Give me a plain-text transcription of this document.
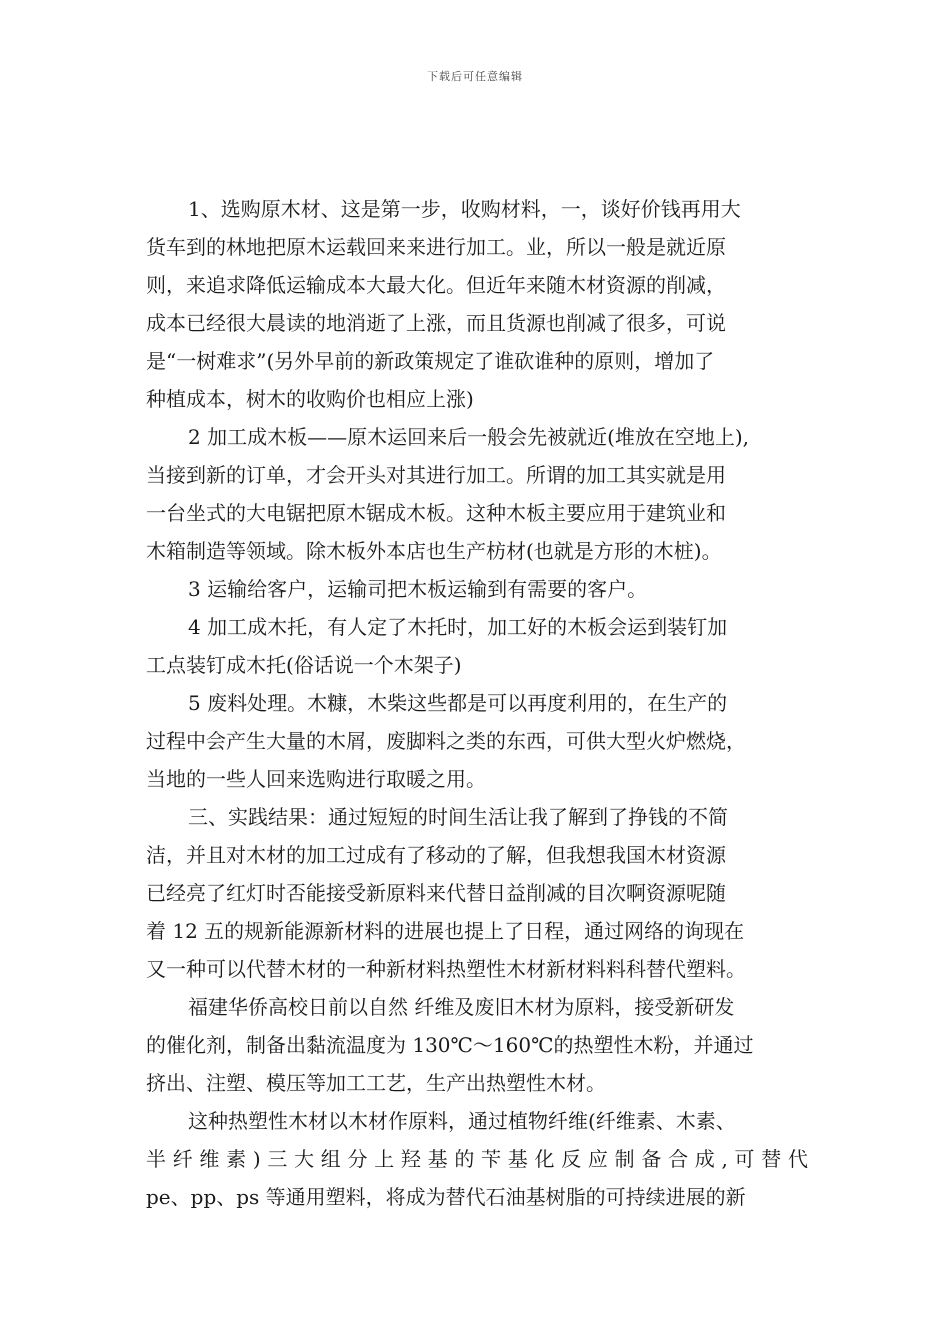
下载后可任意编辑
1、选购原木材、这是第一步，收购材料，一，谈好价钱再用大
货车到的林地把原木运载回来来进行加工。业，所以一般是就近原
则，来追求降低运输成本大最大化。但近年来随木材资源的削减，
成本已经很大晨读的地消逝了上涨，而且货源也削减了很多，可说
是“一树难求”(另外早前的新政策规定了谁砍谁种的原则，增加了
种植成本，树木的收购价也相应上涨)
2 加工成木板——原木运回来后一般会先被就近(堆放在空地上),
当接到新的订单，才会开头对其进行加工。所谓的加工其实就是用
一台坐式的大电锯把原木锯成木板。这种木板主要应用于建筑业和
木箱制造等领域。除木板外本店也生产枋材(也就是方形的木桩)。
3 运输给客户，运输司把木板运输到有需要的客户。
4 加工成木托，有人定了木托时，加工好的木板会运到装钉加
工点装钉成木托(俗话说一个木架子)
5 废料处理。木糠，木柴这些都是可以再度利用的，在生产的
过程中会产生大量的木屑，废脚料之类的东西，可供大型火炉燃烧，
当地的一些人回来选购进行取暖之用。
三、实践结果：通过短短的时间生活让我了解到了挣钱的不简
洁，并且对木材的加工过成有了移动的了解，但我想我国木材资源
已经亮了红灯时否能接受新原料来代替日益削减的目次啊资源呢随
着 12 五的规新能源新材料的进展也提上了日程，通过网络的询现在
又一种可以代替木材的一种新材料热塑性木材新材料料科替代塑料。
福建华侨高校日前以自然 纤维及废旧木材为原料，接受新研发
的催化剂，制备出黏流温度为 130℃～160℃的热塑性木粉，并通过
挤出、注塑、模压等加工工艺，生产出热塑性木材。
这种热塑性木材以木材作原料，通过植物纤维(纤维素、木素、
半纤维素)三大组分上羟基的苄基化反应制备合成,可替代
pe、pp、ps 等通用塑料，将成为替代石油基树脂的可持续进展的新
